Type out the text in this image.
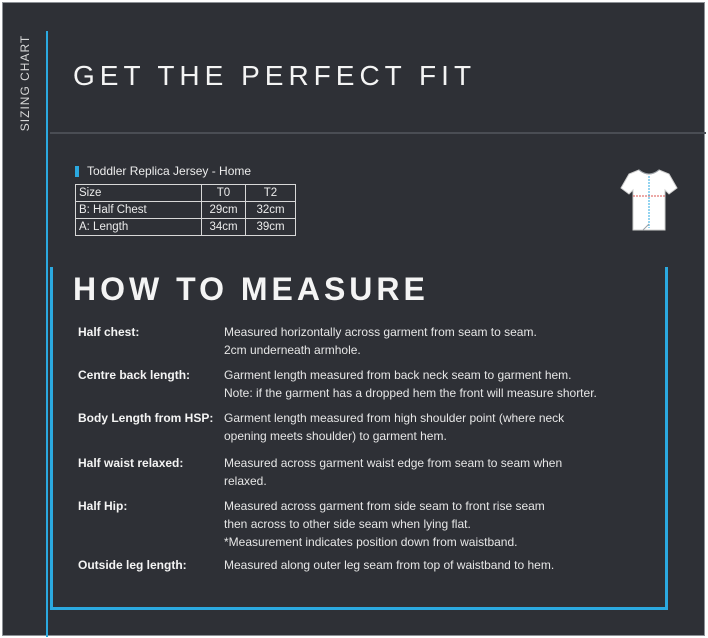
SIZING CHART GET THE PERFECT FIT
Toddler Replica Jersey - Home
Size	T0	T2
B: Half Chest	29cm	32cm
A: Length	34cm	39cm
HOW TO MEASURE
Half chest:	Measured horizontally across garment from seam to seam.
2cm underneath armhole.
Centre back length:	Garment length measured from back neck seam to garment hem.
Note: if the garment has a dropped hem the front will measure shorter.
Body Length from HSP: Garment length measured from high shoulder point (where neck
opening meets shoulder) to garment hem.
Half waist relaxed:	Measured across garment waist edge from seam to seam when
relaxed.
Half Hip:	Measured across garment from side seam to front rise seam
then across to other side seam when lying flat.
*Measurement indicates position down from waistband.
Outside leg length:	Measured along outer leg seam from top of waistband to hem.
